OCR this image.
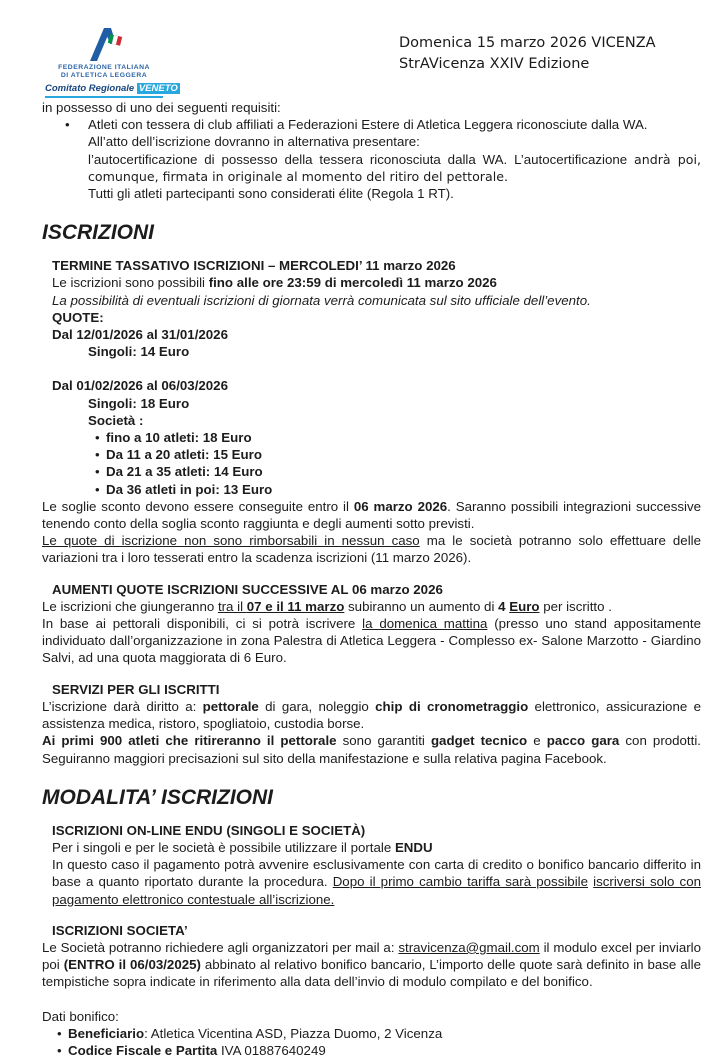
FEDERAZIONE ITALIANA
DI ATLETICA LEGGERA
Comitato Regionale VENETO
Domenica 15 marzo 2026 VICENZA
StrAVicenza XXIV Edizione
in possesso di uno dei seguenti requisiti:
•	Atleti con tessera di club affiliati a Federazioni Estere di Atletica Leggera riconosciute dalla WA.
All’atto dell’iscrizione dovranno in alternativa presentare:
l’autocertificazione di possesso della tessera riconosciuta dalla WA. L’autocertificazione andrà poi, comunque, firmata in originale al momento del ritiro del pettorale.
Tutti gli atleti partecipanti sono considerati élite (Regola 1 RT).
ISCRIZIONI
TERMINE TASSATIVO ISCRIZIONI – MERCOLEDI’ 11 marzo 2026
Le iscrizioni sono possibili fino alle ore 23:59 di mercoledì 11 marzo 2026
La possibilità di eventuali iscrizioni di giornata verrà comunicata sul sito ufficiale dell’evento.
QUOTE:
Dal 12/01/2026 al 31/01/2026
Singoli: 14 Euro
Dal 01/02/2026 al 06/03/2026
Singoli: 18 Euro
Società :
• fino a 10 atleti: 18 Euro
• Da 11 a 20 atleti: 15 Euro
• Da 21 a 35 atleti: 14 Euro
• Da 36 atleti in poi: 13 Euro
Le soglie sconto devono essere conseguite entro il 06 marzo 2026. Saranno possibili integrazioni successive tenendo conto della soglia sconto raggiunta e degli aumenti sotto previsti.
Le quote di iscrizione non sono rimborsabili in nessun caso ma le società potranno solo effettuare delle variazioni tra i loro tesserati entro la scadenza iscrizioni (11 marzo 2026).
AUMENTI QUOTE ISCRIZIONI SUCCESSIVE AL 06 marzo 2026
Le iscrizioni che giungeranno tra il 07 e il 11 marzo subiranno un aumento di 4 Euro per iscritto .
In base ai pettorali disponibili, ci si potrà iscrivere la domenica mattina (presso uno stand appositamente individuato dall’organizzazione in zona Palestra di Atletica Leggera - Complesso ex- Salone Marzotto - Giardino Salvi, ad una quota maggiorata di 6 Euro.
SERVIZI PER GLI ISCRITTI
L’iscrizione darà diritto a: pettorale di gara, noleggio chip di cronometraggio elettronico, assicurazione e assistenza medica, ristoro, spogliatoio, custodia borse.
Ai primi 900 atleti che ritireranno il pettorale sono garantiti gadget tecnico e pacco gara con prodotti. Seguiranno maggiori precisazioni sul sito della manifestazione e sulla relativa pagina Facebook.
MODALITA’ ISCRIZIONI
ISCRIZIONI ON-LINE ENDU (SINGOLI E SOCIETÀ)
Per i singoli e per le società è possibile utilizzare il portale ENDU
In questo caso il pagamento potrà avvenire esclusivamente con carta di credito o bonifico bancario differito in base a quanto riportato durante la procedura. Dopo il primo cambio tariffa sarà possibile iscriversi solo con pagamento elettronico contestuale all’iscrizione.
ISCRIZIONI SOCIETA’
Le Società potranno richiedere agli organizzatori per mail a: stravicenza@gmail.com il modulo excel per inviarlo poi (ENTRO il 06/03/2025) abbinato al relativo bonifico bancario, L’importo delle quote sarà definito in base alle tempistiche sopra indicate in riferimento alla data dell’invio di modulo compilato e del bonifico.
Dati bonifico:
• Beneficiario: Atletica Vicentina ASD, Piazza Duomo, 2 Vicenza
• Codice Fiscale e Partita IVA 01887640249
